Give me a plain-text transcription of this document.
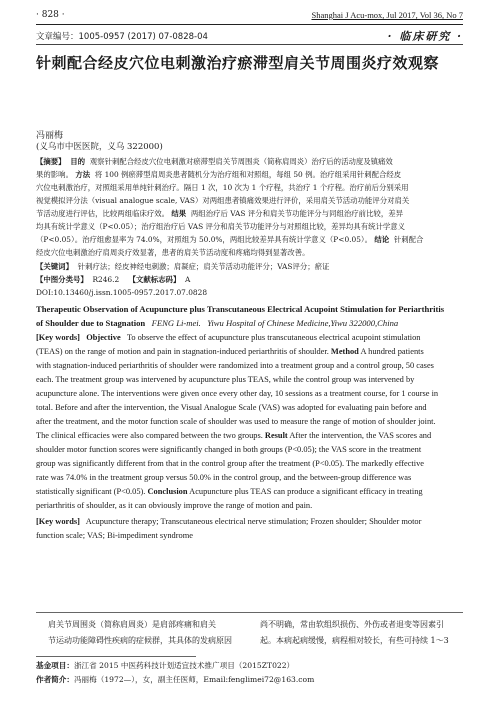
· 828 ·	Shanghai J Acu-mox, Jul 2017, Vol 36, No 7
文章编号：1005-0957 (2017) 07-0828-04	· 临床研究 ·
针刺配合经皮穴位电刺激治疗瘀滞型肩关节周围炎疗效观察
冯丽梅
(义乌市中医医院，义乌 322000)
【摘要】 目的 观察针刺配合经皮穴位电刺激对瘀滞型肩关节周围炎（简称肩周炎）治疗后的活动度及镇痛效
果的影响。 方法 将 100 例瘀滞型肩周炎患者随机分为治疗组和对照组，每组 50 例。治疗组采用针刺配合经皮
穴位电刺激治疗，对照组采用单纯针刺治疗。隔日 1 次，10 次为 1 个疗程，共治疗 1 个疗程。治疗前后分别采用
视觉模拟评分法（visual analogue scale, VAS）对两组患者镇痛效果进行评价，采用肩关节活动功能评分对肩关
节活动度进行评估，比较两组临床疗效。 结果 两组治疗后 VAS 评分和肩关节功能评分与同组治疗前比较，差异
均具有统计学意义（P<0.05）；治疗组治疗后 VAS 评分和肩关节功能评分与对照组比较，差异均具有统计学意义
（P<0.05）。治疗组愈显率为 74.0%，对照组为 50.0%，两组比较差异具有统计学意义（P<0.05）。 结论 针刺配合
经皮穴位电刺激治疗肩周炎疗效显著，患者的肩关节活动度和疼痛均得到显著改善。
【关键词】 针刺疗法；经皮神经电刺激；肩凝症；肩关节活动功能评分；VAS评分；瘀证
【中图分类号】 R246.2 【文献标志码】 A
DOI:10.13460/j.issn.1005-0957.2017.07.0828
Therapeutic Observation of Acupuncture plus Transcutaneous Electrical Acupoint Stimulation for Periarthritis
of Shoulder due to Stagnation FENG Li-mei. Yiwu Hospital of Chinese Medicine,Yiwu 322000,China
[Key words] Objective To observe the effect of acupuncture plus transcutaneous electrical acupoint stimulation
(TEAS) on the range of motion and pain in stagnation-induced periarthritis of shoulder. Method A hundred patients
with stagnation-induced periarthritis of shoulder were randomized into a treatment group and a control group, 50 cases
each. The treatment group was intervened by acupuncture plus TEAS, while the control group was intervened by
acupuncture alone. The interventions were given once every other day, 10 sessions as a treatment course, for 1 course in
total. Before and after the intervention, the Visual Analogue Scale (VAS) was adopted for evaluating pain before and
after the treatment, and the motor function scale of shoulder was used to measure the range of motion of shoulder joint.
The clinical efficacies were also compared between the two groups. Result After the intervention, the VAS scores and
shoulder motor function scores were significantly changed in both groups (P<0.05); the VAS score in the treatment
group was significantly different from that in the control group after the treatment (P<0.05). The markedly effective
rate was 74.0% in the treatment group versus 50.0% in the control group, and the between-group difference was
statistically significant (P<0.05). Conclusion Acupuncture plus TEAS can produce a significant efficacy in treating
periarthritis of shoulder, as it can obviously improve the range of motion and pain.
[Key words] Acupuncture therapy; Transcutaneous electrical nerve stimulation; Frozen shoulder; Shoulder motor
function scale; VAS; Bi-impediment syndrome
肩关节周围炎（简称肩周炎）是肩部疼痛和肩关
节运动功能障碍性疾病的症候群，其具体的发病原因
尚不明确，常由软组织损伤、外伤或者退变等因素引
起。本病起病缓慢，病程相对较长，有些可持续 1～3
基金项目：浙江省 2015 中医药科技计划适宜技术推广项目（2015ZT022）
作者简介：冯丽梅（1972—），女，副主任医师，Email:fenglimei72@163.com
